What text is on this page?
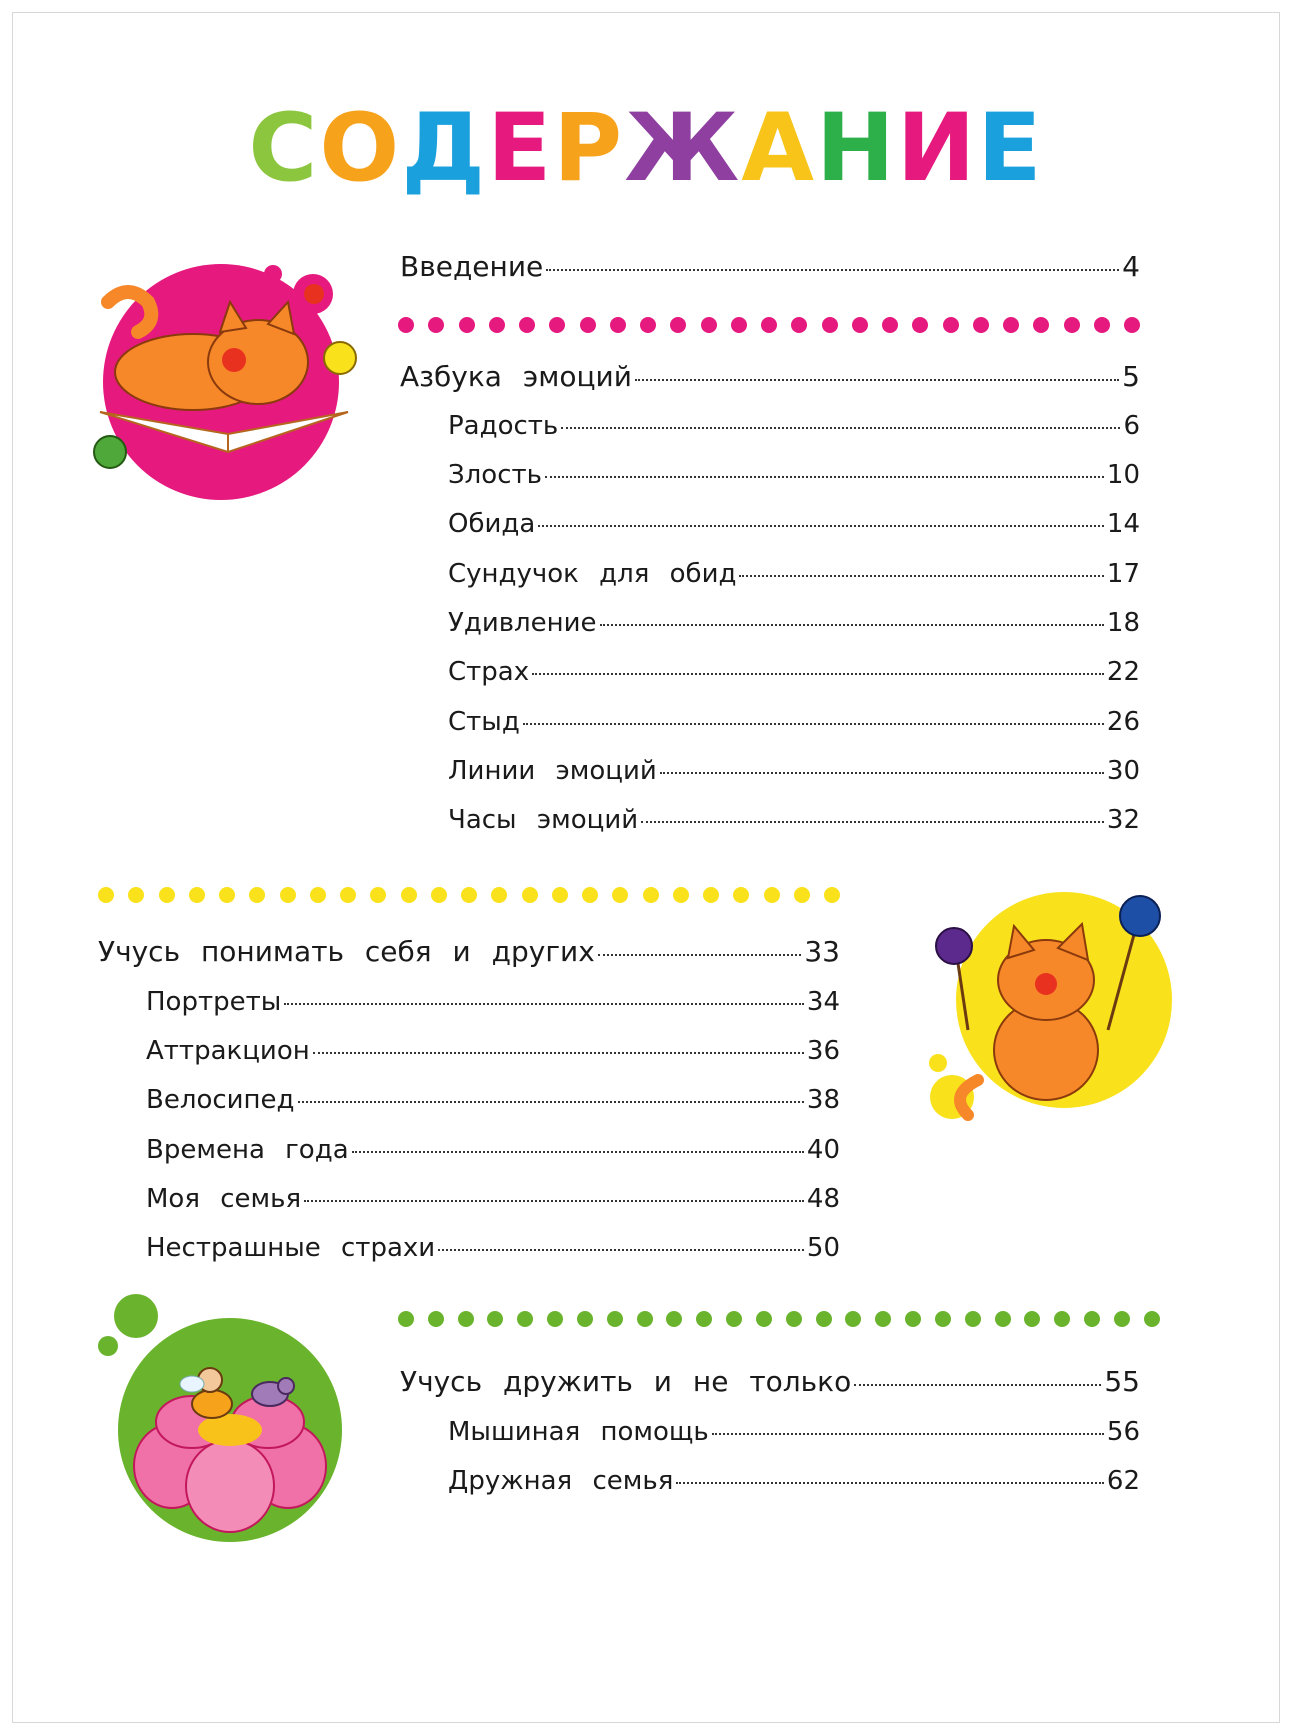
СОДЕРЖАНИЕ
Введение	4
Азбука эмоций	5
Радость	6
Злость	10
Обида	14
Сундучок для обид	17
Удивление	18
Страх	22
Стыд	26
Линии эмоций	30
Часы эмоций	32
Учусь понимать себя и других	33
Портреты	34
Аттракцион	36
Велосипед	38
Времена года	40
Моя семья	48
Нестрашные страхи	50
Учусь дружить и не только	55
Мышиная помощь	56
Дружная семья	62
